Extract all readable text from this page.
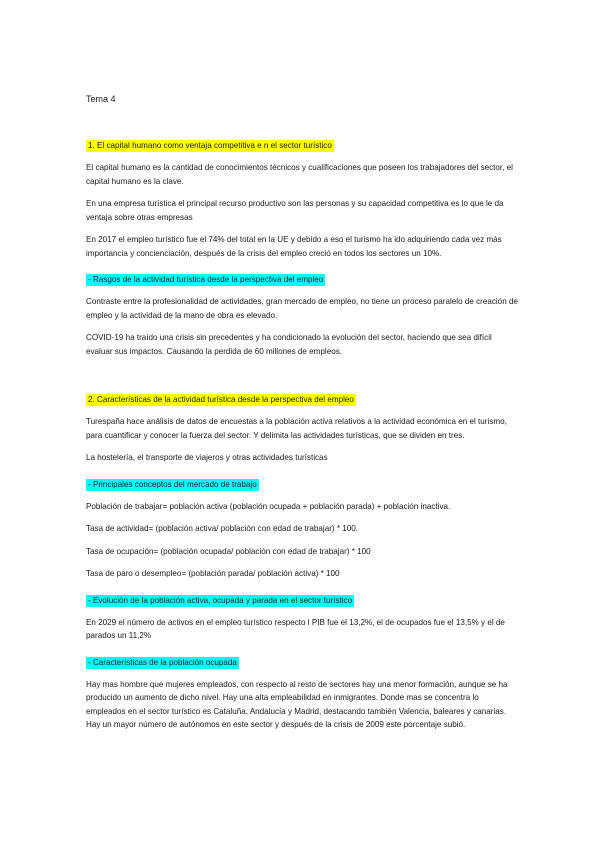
Tema 4
1. El capital humano como ventaja competitiva e n el sector turístico

El capital humano es la cantidad de conocimientos técnicos y cualificaciones que poseen los trabajadores del sector, el capital humano es la clave.

En una empresa turística el principal recurso productivo son las personas y su capacidad competitiva es lo que le da ventaja sobre otras empresas

En 2017 el empleo turístico fue el 74% del total en la UE y debido a eso el turismo ha ido adquiriendo cada vez más importancia y concienciación, después de la crisis del empleo creció en todos los sectores un 10%.

- Rasgos de la actividad turística desde la perspectiva del empleo

Contraste entre la profesionalidad de actividades, gran mercado de empleo, no tiene un proceso paralelo de creación de empleo y la actividad de la mano de obra es elevado.

COVID-19 ha traído una crisis sin precedentes y ha condicionado la evolución del sector, haciendo que sea difícil evaluar sus impactos. Causando la perdida de 60 millones de empleos.

2. Características de la actividad turística desde la perspectiva del empleo

Turespaña hace análisis de datos de encuestas a la población activa relativos a la actividad económica en el turismo, para cuantificar y conocer la fuerza del sector. Y delimita las actividades turísticas, que se dividen en tres.

La hostelería, el transporte de viajeros y otras actividades turísticas

- Principales conceptos del mercado de trabajo

Población de trabajar= población activa (población ocupada + población parada) + población inactiva.

Tasa de actividad= (población activa/ población con edad de trabajar) * 100.

Tasa de ocupación= (población ocupada/ población con edad de trabajar) * 100

Tasa de paro o desempleo= (población parada/ población activa) * 100

- Evolución de la población activa, ocupada y parada en el sector turístico

En 2029 el número de activos en el empleo turístico respecto l PIB fue el 13,2%, el de ocupados fue el 13,5% y el de parados un 11,2%

- Características de la población ocupada

Hay mas hombre que mujeres empleados, con respecto al resto de sectores hay una menor formación, aunque se ha producido un aumento de dicho nivel. Hay una alta empleabilidad en inmigrantes. Donde mas se concentra lo empleados en el sector turístico es Cataluña, Andalucía y Madrid, destacando también Valencia, baleares y canarias. Hay un mayor número de autónomos en este sector y después de la crisis de 2009 este porcentaje subió.
